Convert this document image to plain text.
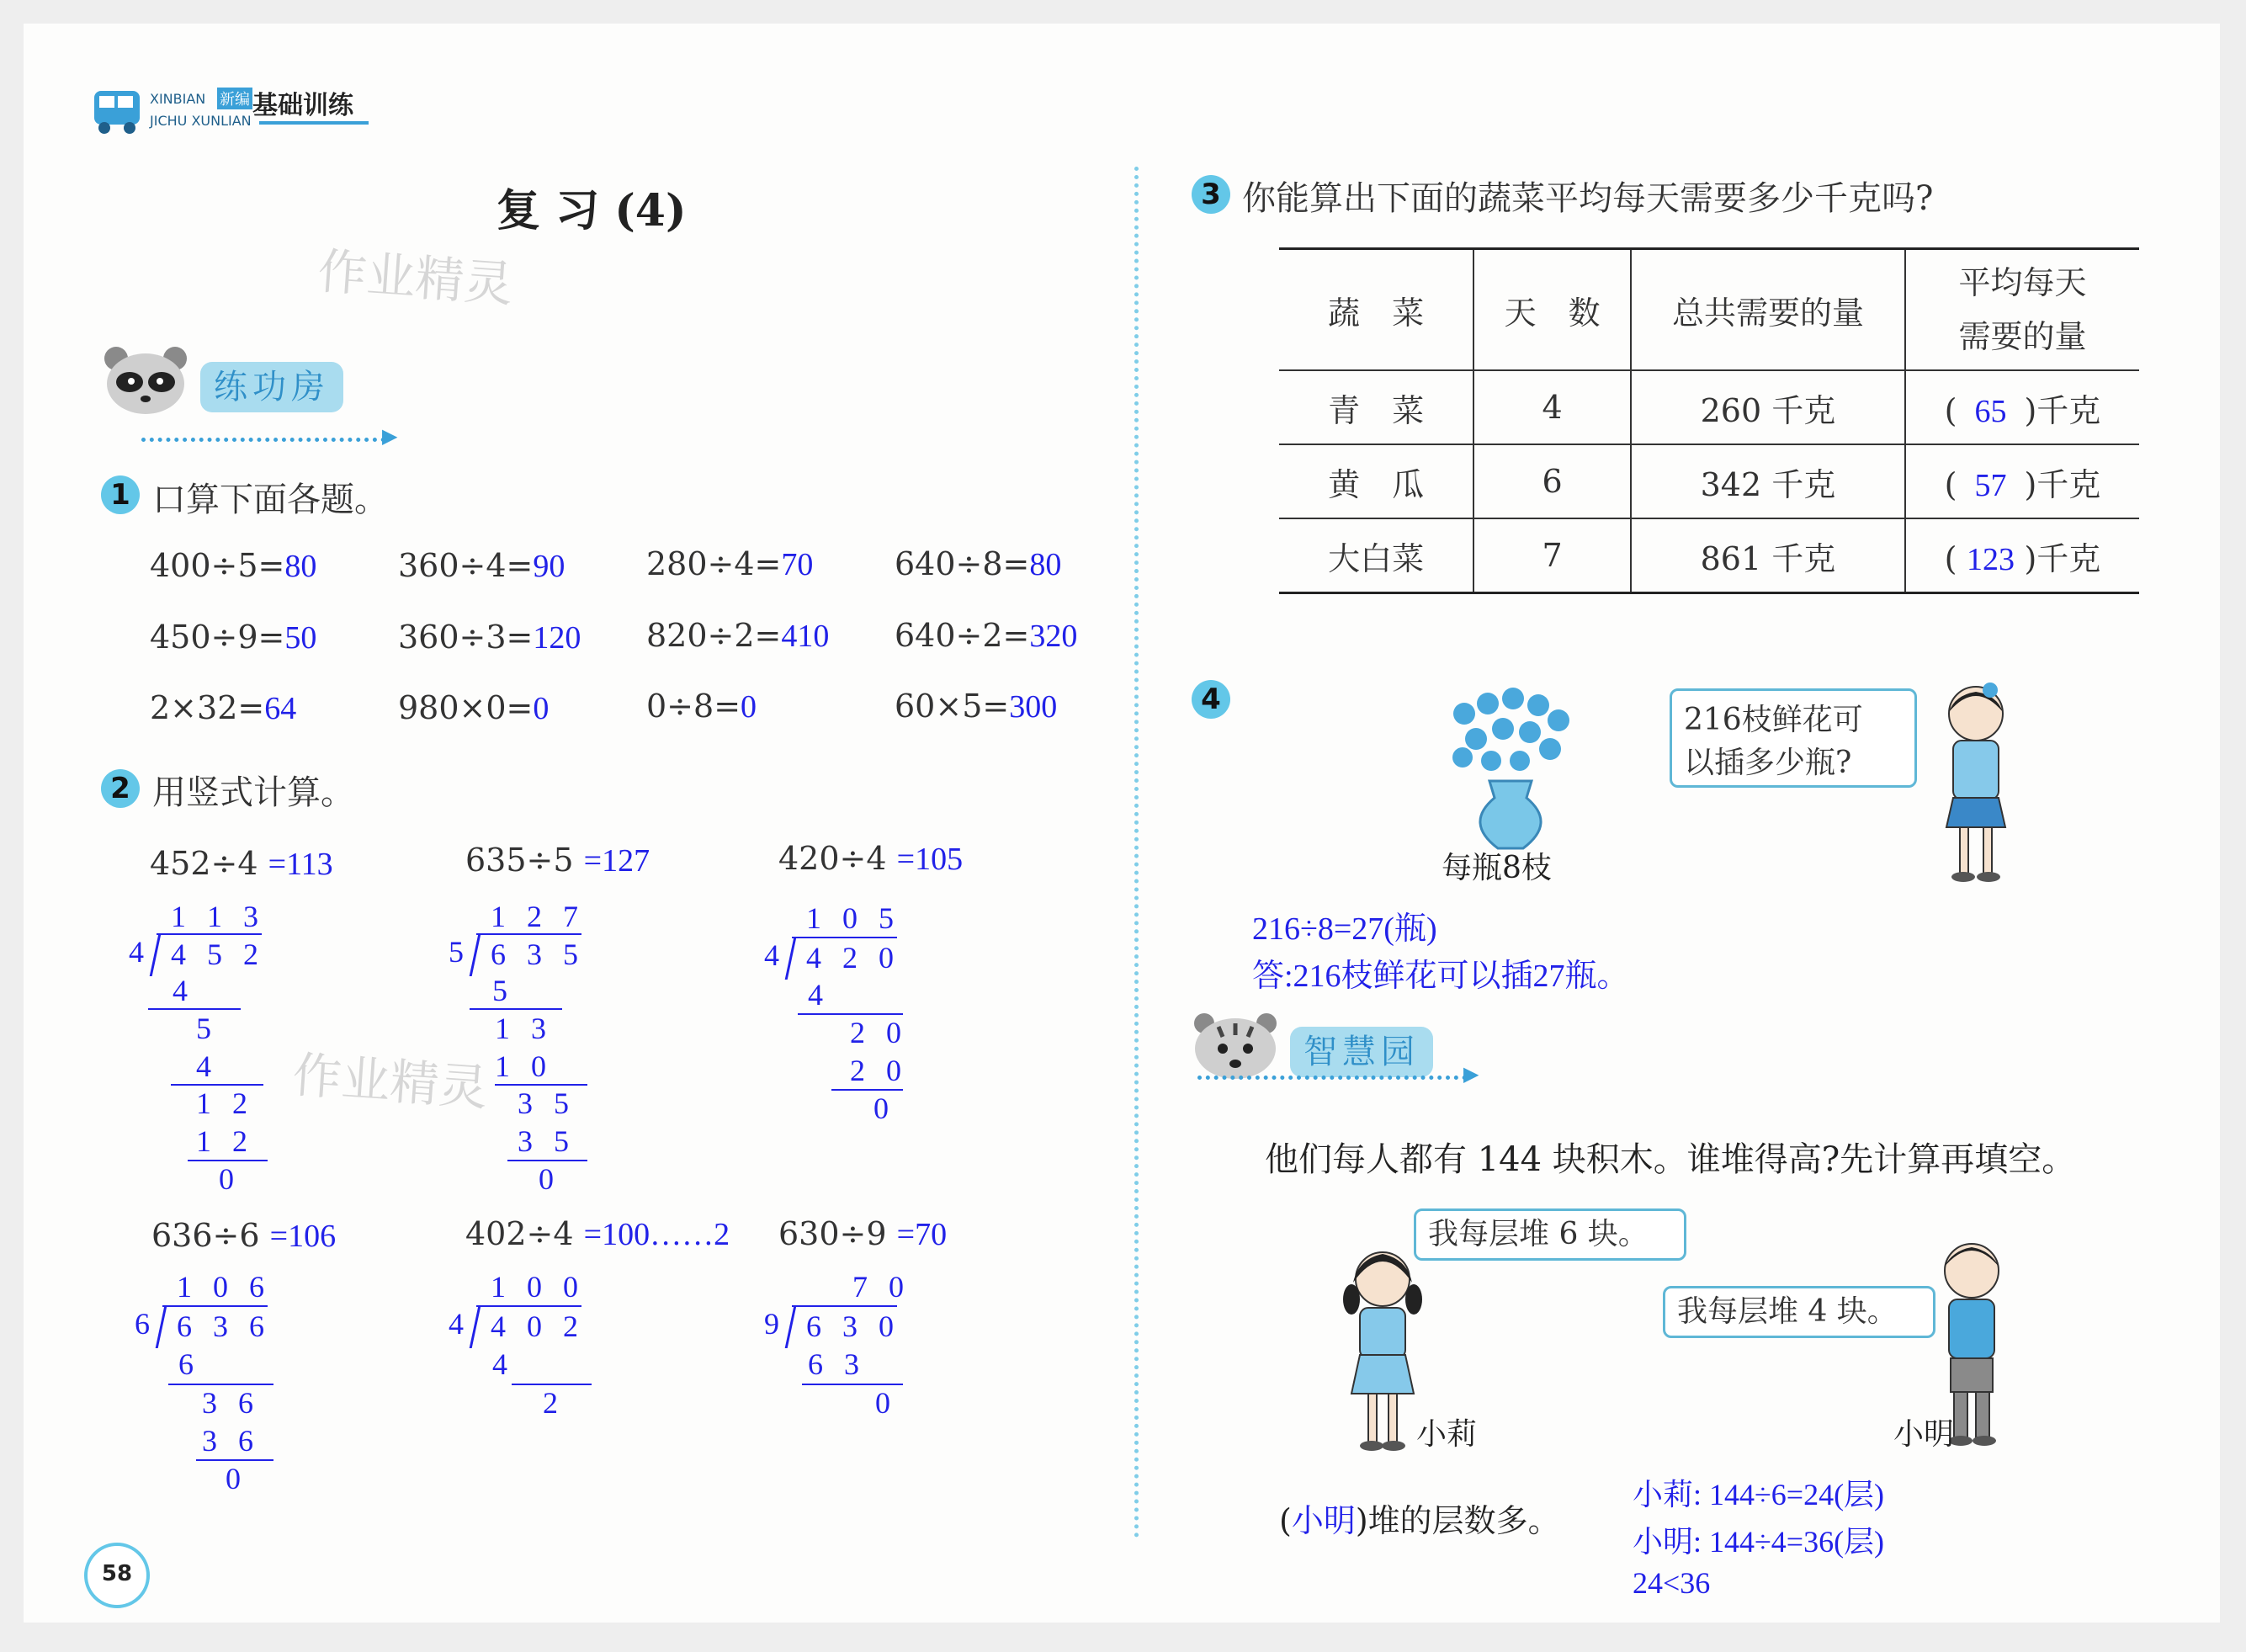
XINBIAN 新编 基础训练
JICHU XUNLIAN
复 习 (4)
作业精灵
作业精灵
练功房
▶
1 口算下面各题。
400÷5=80	360÷4=90	280÷4=70	640÷8=80
450÷9=50	360÷3=120 820÷2=410 640÷2=320
2×32=64	980×0=0	0÷8=0	60×5=300
2 用竖式计算。
452÷4 =113
1 1 3
4 4 5 2
4
5
4
1 2
1 2
0
635÷5 =127
1 2 7
5 6 3 5
5
1 3
1 0
3 5
3 5
0
420÷4 =105
1 0 5
4 4 2 0
4
2 0
2 0
0
636÷6 =106
1 0 6
6 6 3 6
6
3 6
3 6
0
402÷4 =100……2
1 0 0
4 4 0 2
4
2
630÷9 =70
7 0
9 6 3 0
6 3
0
58
3 你能算出下面的蔬菜平均每天需要多少千克吗?
蔬　菜	天　数	总共需要的量	平均每天
需要的量

青　菜	4	260 千克	( 65 )千克
黄　瓜	6	342 千克	( 57 )千克
大白菜	7	861 千克	( 123 )千克
4
每瓶8枝
216枝鲜花可
以插多少瓶?
216÷8=27(瓶)
答:216枝鲜花可以插27瓶。
智慧园
▶
他们每人都有 144 块积木。谁堆得高?先计算再填空。
我每层堆 6 块。
我每层堆 4 块。
小莉	小明
(小明)堆的层数多。
小莉: 144÷6=24(层)
小明: 144÷4=36(层)
24<36
